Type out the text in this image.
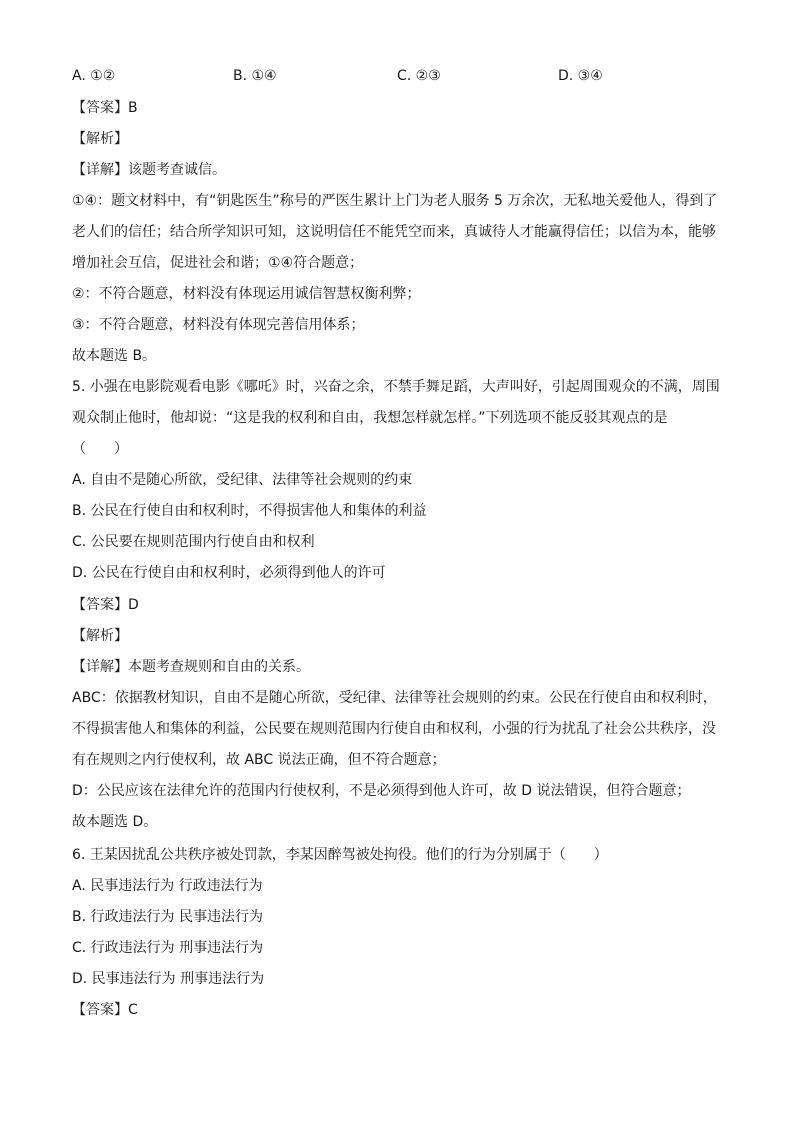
A. ①②	B. ①④	C. ②③	D. ③④
【答案】B
【解析】
【详解】该题考查诚信。
①④：题文材料中，有“钥匙医生”称号的严医生累计上门为老人服务 5 万余次，无私地关爱他人，得到了
老人们的信任；结合所学知识可知，这说明信任不能凭空而来，真诚待人才能赢得信任；以信为本，能够
增加社会互信，促进社会和谐；①④符合题意；
②：不符合题意，材料没有体现运用诚信智慧权衡利弊；
③：不符合题意，材料没有体现完善信用体系；
故本题选 B。
5. 小强在电影院观看电影《哪吒》时，兴奋之余，不禁手舞足蹈，大声叫好，引起周围观众的不满，周围
观众制止他时，他却说：“这是我的权利和自由，我想怎样就怎样。”下列选项不能反驳其观点的是
（　　）
A. 自由不是随心所欲，受纪律、法律等社会规则的约束
B. 公民在行使自由和权利时，不得损害他人和集体的利益
C. 公民要在规则范围内行使自由和权利
D. 公民在行使自由和权利时，必须得到他人的许可
【答案】D
【解析】
【详解】本题考查规则和自由的关系。
ABC：依据教材知识，自由不是随心所欲，受纪律、法律等社会规则的约束。公民在行使自由和权利时，
不得损害他人和集体的利益，公民要在规则范围内行使自由和权利，小强的行为扰乱了社会公共秩序，没
有在规则之内行使权利，故 ABC 说法正确，但不符合题意；
D：公民应该在法律允许的范围内行使权利，不是必须得到他人许可，故 D 说法错误，但符合题意；
故本题选 D。
6. 王某因扰乱公共秩序被处罚款，李某因醉驾被处拘役。他们的行为分别属于（　　）
A. 民事违法行为 行政违法行为
B. 行政违法行为 民事违法行为
C. 行政违法行为 刑事违法行为
D. 民事违法行为 刑事违法行为
【答案】C
